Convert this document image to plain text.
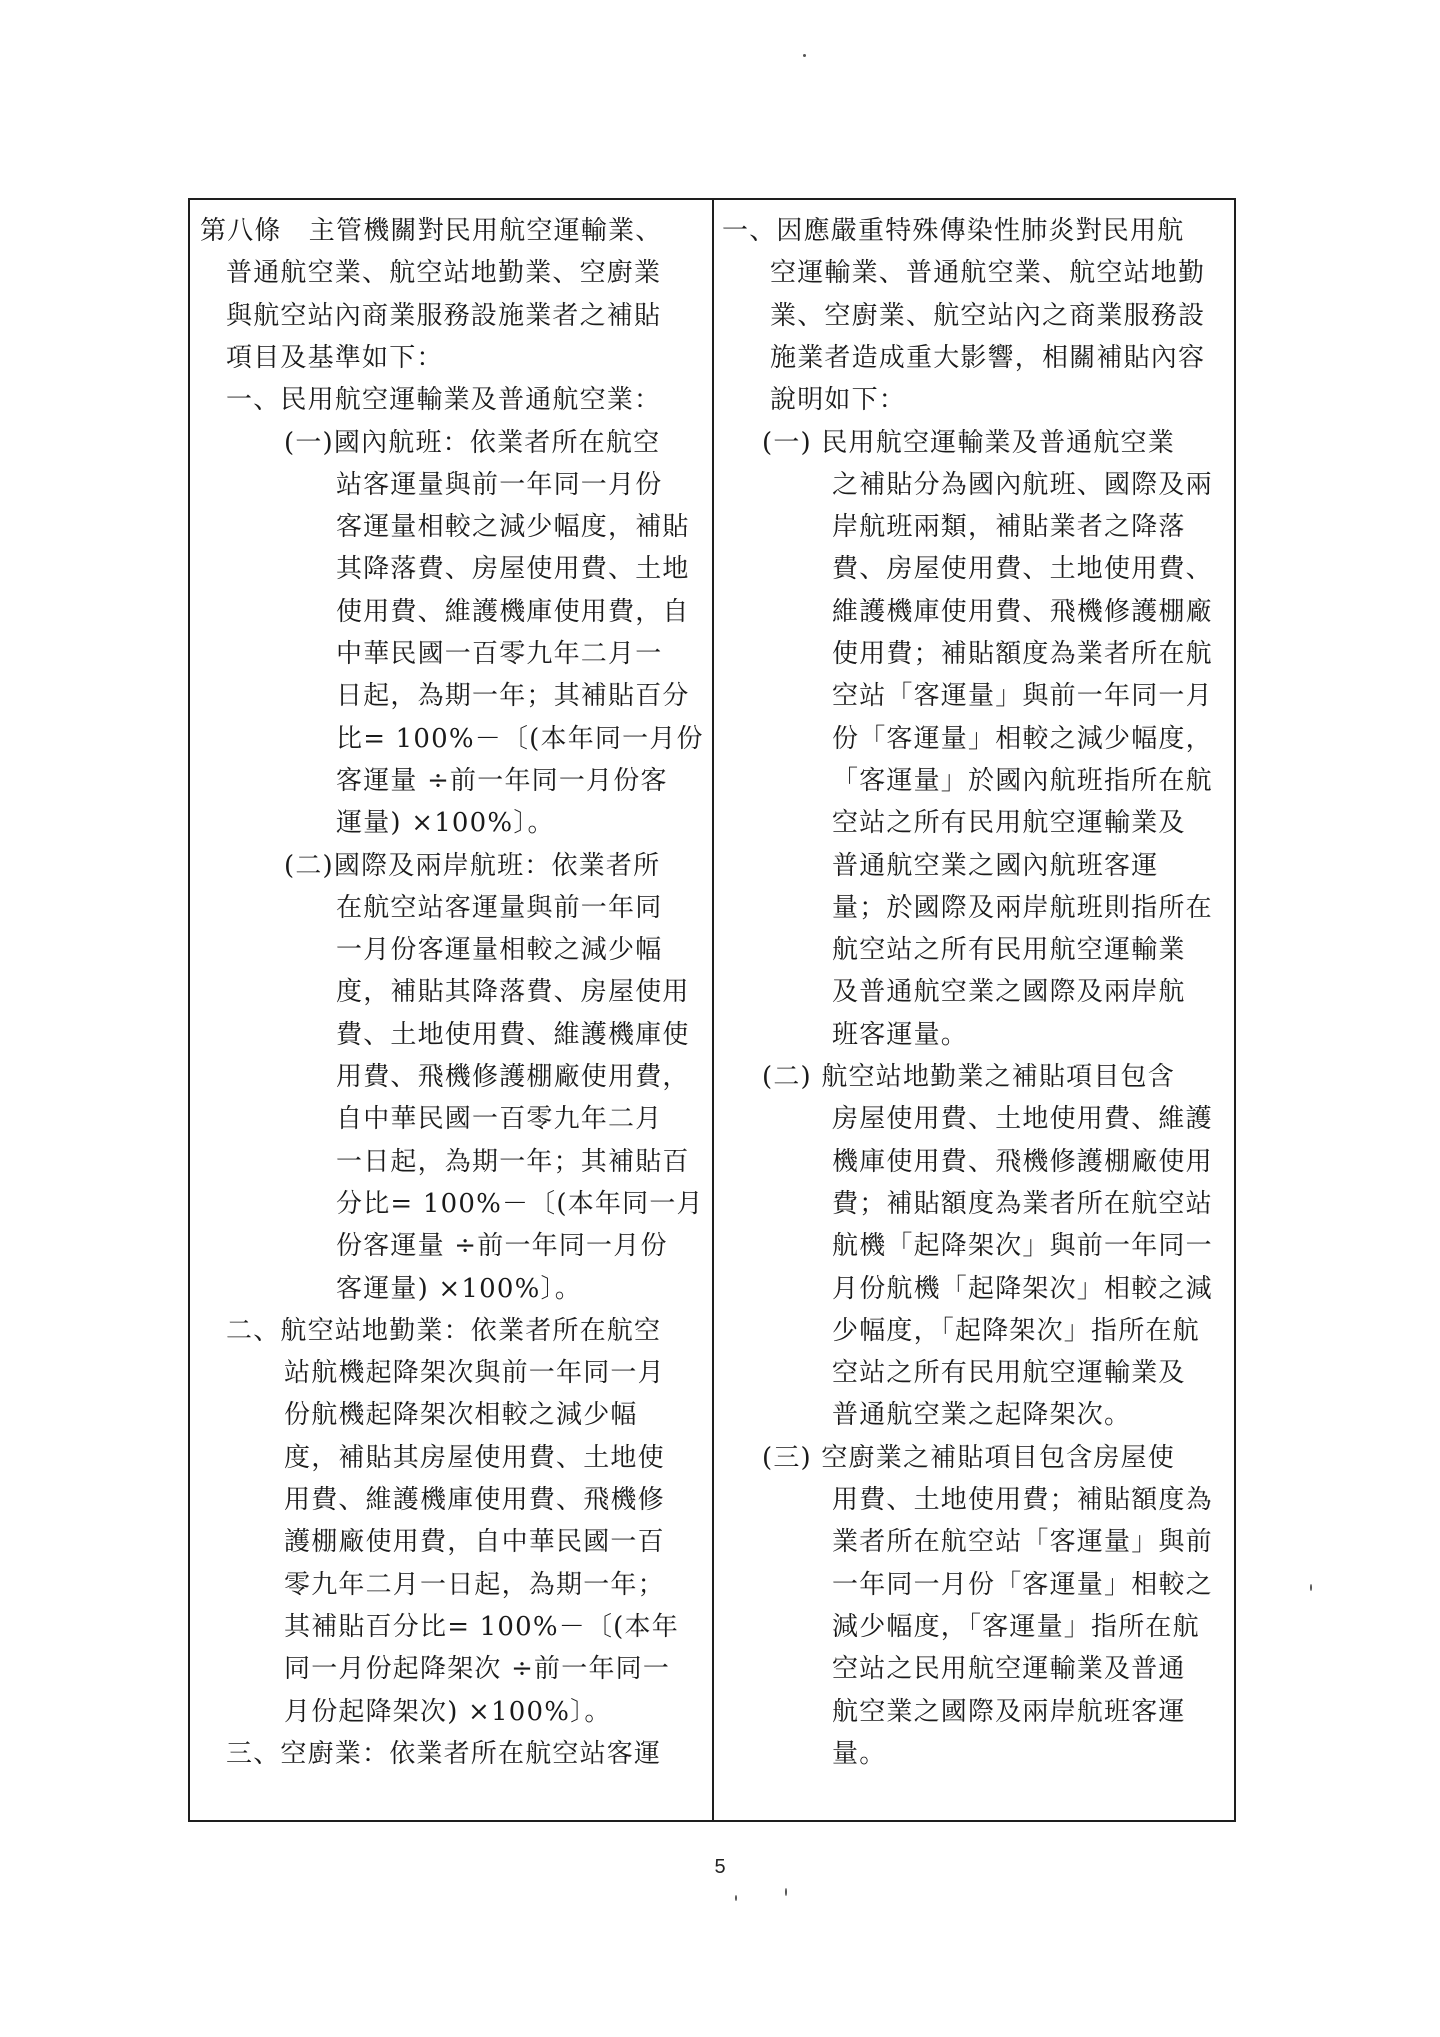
第八條　主管機關對民用航空運輸業、
普通航空業、航空站地勤業、空廚業
與航空站內商業服務設施業者之補貼
項目及基準如下：
一、民用航空運輸業及普通航空業：
(一)國內航班：依業者所在航空
站客運量與前一年同一月份
客運量相較之減少幅度，補貼
其降落費、房屋使用費、土地
使用費、維護機庫使用費，自
中華民國一百零九年二月一
日起，為期一年；其補貼百分
比= 100%－〔(本年同一月份
客運量 ÷前一年同一月份客
運量) ×100%〕。
(二)國際及兩岸航班：依業者所
在航空站客運量與前一年同
一月份客運量相較之減少幅
度，補貼其降落費、房屋使用
費、土地使用費、維護機庫使
用費、飛機修護棚廠使用費，
自中華民國一百零九年二月
一日起，為期一年；其補貼百
分比= 100%－〔(本年同一月
份客運量 ÷前一年同一月份
客運量) ×100%〕。
二、航空站地勤業：依業者所在航空
站航機起降架次與前一年同一月
份航機起降架次相較之減少幅
度，補貼其房屋使用費、土地使
用費、維護機庫使用費、飛機修
護棚廠使用費，自中華民國一百
零九年二月一日起，為期一年；
其補貼百分比= 100%－〔(本年
同一月份起降架次 ÷前一年同一
月份起降架次) ×100%〕。
三、空廚業：依業者所在航空站客運
一、因應嚴重特殊傳染性肺炎對民用航
空運輸業、普通航空業、航空站地勤
業、空廚業、航空站內之商業服務設
施業者造成重大影響，相關補貼內容
說明如下：
(一) 民用航空運輸業及普通航空業
之補貼分為國內航班、國際及兩
岸航班兩類，補貼業者之降落
費、房屋使用費、土地使用費、
維護機庫使用費、飛機修護棚廠
使用費；補貼額度為業者所在航
空站「客運量」與前一年同一月
份「客運量」相較之減少幅度，
「客運量」於國內航班指所在航
空站之所有民用航空運輸業及
普通航空業之國內航班客運
量；於國際及兩岸航班則指所在
航空站之所有民用航空運輸業
及普通航空業之國際及兩岸航
班客運量。
(二) 航空站地勤業之補貼項目包含
房屋使用費、土地使用費、維護
機庫使用費、飛機修護棚廠使用
費；補貼額度為業者所在航空站
航機「起降架次」與前一年同一
月份航機「起降架次」相較之減
少幅度，「起降架次」指所在航
空站之所有民用航空運輸業及
普通航空業之起降架次。
(三) 空廚業之補貼項目包含房屋使
用費、土地使用費；補貼額度為
業者所在航空站「客運量」與前
一年同一月份「客運量」相較之
減少幅度，「客運量」指所在航
空站之民用航空運輸業及普通
航空業之國際及兩岸航班客運
量。
5
